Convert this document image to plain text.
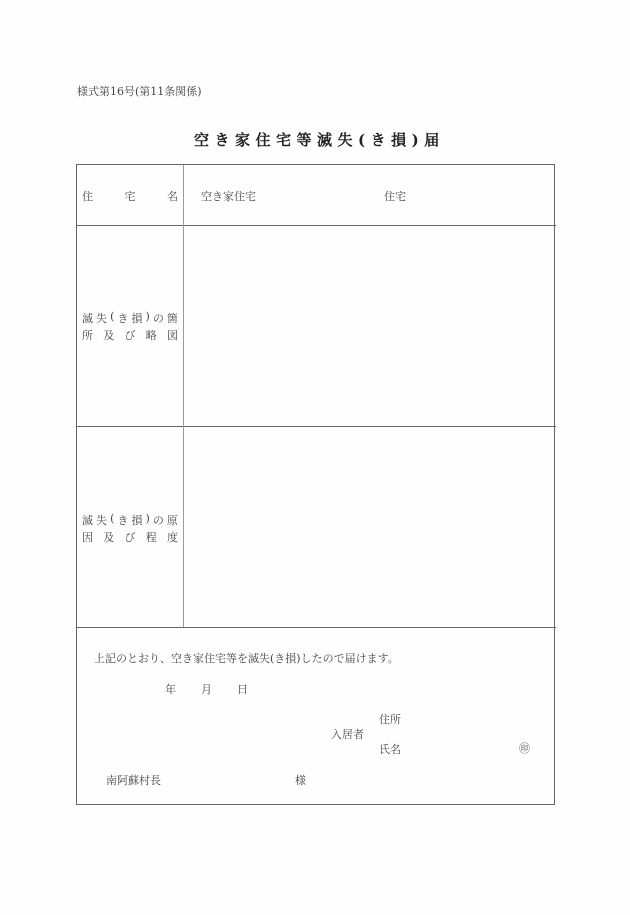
様式第16号(第11条関係)
空き家住宅等滅失(き損)届
住	宅	名 空き家住宅	住宅
滅 失 ( き 損 ) の 箇
所 及 び 略 図
滅 失 ( き 損 ) の 原
因 及 び 程 度
上記のとおり、空き家住宅等を滅失(き損)したので届けます。
年 月 日
住所
入居者
氏名	㊞
南阿蘇村長	様
